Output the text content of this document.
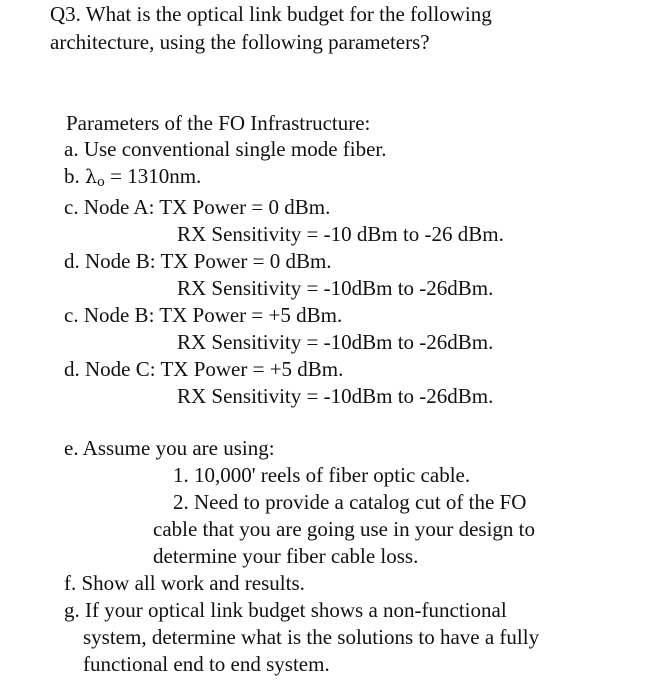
Q3. What is the optical link budget for the following
architecture, using the following parameters?
Parameters of the FO Infrastructure:
a. Use conventional single mode fiber.
b. $\lambda_o = 1310nm$.
c. Node A: TX Power = 0 dBm.
RX Sensitivity = -10 dBm to -26 dBm.
d. Node B: TX Power = 0 dBm.
RX Sensitivity = -10dBm to -26dBm.
c. Node B: TX Power = +5 dBm.
RX Sensitivity = -10dBm to -26dBm.
d. Node C: TX Power = +5 dBm.
RX Sensitivity = -10dBm to -26dBm.
e. Assume you are using:
1. 10,000' reels of fiber optic cable.
2. Need to provide a catalog cut of the FO
cable that you are going use in your design to
determine your fiber cable loss.
f. Show all work and results.
g. If your optical link budget shows a non-functional
system, determine what is the solutions to have a fully
functional end to end system.
